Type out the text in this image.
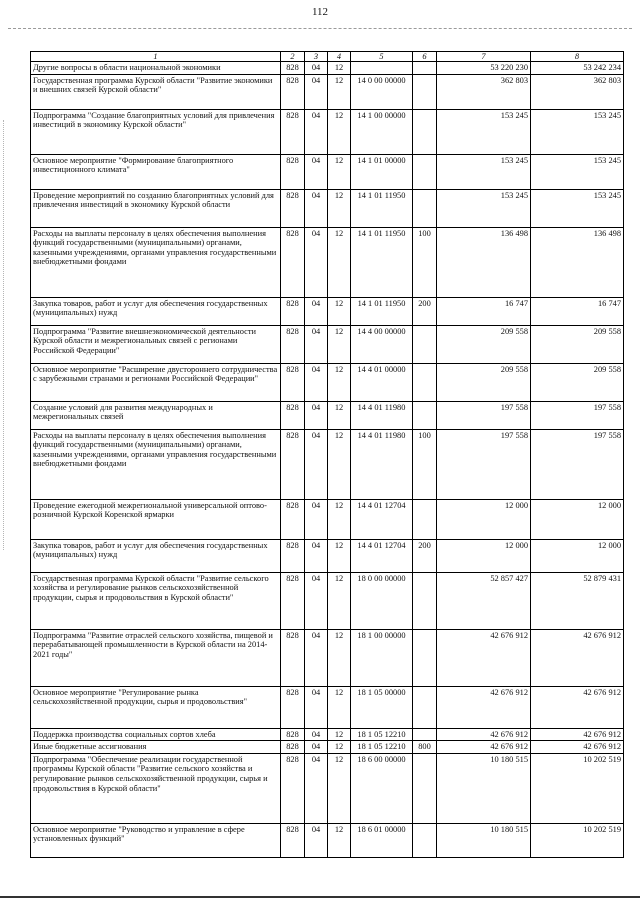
112
1	2	3	4	5	6	7	8
Другие вопросы в области национальной экономики	828	04	12			53 220 230	53 242 234
Государственная программа Курской области "Развитие экономики и внешних связей Курской области"	828	04	12	14 0 00 00000		362 803	362 803
Подпрограмма "Создание благоприятных условий для привлечения инвестиций в экономику Курской области"	828	04	12	14 1 00 00000		153 245	153 245
Основное мероприятие "Формирование благоприятного инвестиционного климата"	828	04	12	14 1 01 00000		153 245	153 245
Проведение мероприятий по созданию благоприятных условий для привлечения инвестиций в экономику Курской области	828	04	12	14 1 01 11950		153 245	153 245
Расходы на выплаты персоналу в целях обеспечения выполнения функций государственными (муниципальными) органами, казенными учреждениями, органами управления государственными внебюджетными фондами	828	04	12	14 1 01 11950	100	136 498	136 498
Закупка товаров, работ и услуг для обеспечения государственных (муниципальных) нужд	828	04	12	14 1 01 11950	200	16 747	16 747
Подпрограмма "Развитие внешнеэкономической деятельности Курской области и межрегиональных связей с регионами Российской Федерации"	828	04	12	14 4 00 00000		209 558	209 558
Основное мероприятие "Расширение двустороннего сотрудничества с зарубежными странами и регионами Российской Федерации"	828	04	12	14 4 01 00000		209 558	209 558
Создание условий для развития международных и межрегиональных связей	828	04	12	14 4 01 11980		197 558	197 558
Расходы на выплаты персоналу в целях обеспечения выполнения функций государственными (муниципальными) органами, казенными учреждениями, органами управления государственными внебюджетными фондами	828	04	12	14 4 01 11980	100	197 558	197 558
Проведение ежегодной межрегиональной универсальной оптово-розничной Курской Коренской ярмарки	828	04	12	14 4 01 12704		12 000	12 000
Закупка товаров, работ и услуг для обеспечения государственных (муниципальных) нужд	828	04	12	14 4 01 12704	200	12 000	12 000
Государственная программа Курской области "Развитие сельского хозяйства и регулирование рынков сельскохозяйственной продукции, сырья и продовольствия в Курской области"	828	04	12	18 0 00 00000		52 857 427	52 879 431
Подпрограмма "Развитие отраслей сельского хозяйства, пищевой и перерабатывающей промышленности в Курской области на 2014-2021 годы"	828	04	12	18 1 00 00000		42 676 912	42 676 912
Основное мероприятие "Регулирование рынка сельскохозяйственной продукции, сырья и продовольствия"	828	04	12	18 1 05 00000		42 676 912	42 676 912
Поддержка производства социальных сортов хлеба	828	04	12	18 1 05 12210		42 676 912	42 676 912
Иные бюджетные ассигнования	828	04	12	18 1 05 12210	800	42 676 912	42 676 912
Подпрограмма "Обеспечение реализации государственной программы Курской области "Развитие сельского хозяйства и регулирование рынков сельскохозяйственной продукции, сырья и продовольствия в Курской области"	828	04	12	18 6 00 00000		10 180 515	10 202 519
Основное мероприятие "Руководство и управление в сфере установленных функций"	828	04	12	18 6 01 00000		10 180 515	10 202 519
